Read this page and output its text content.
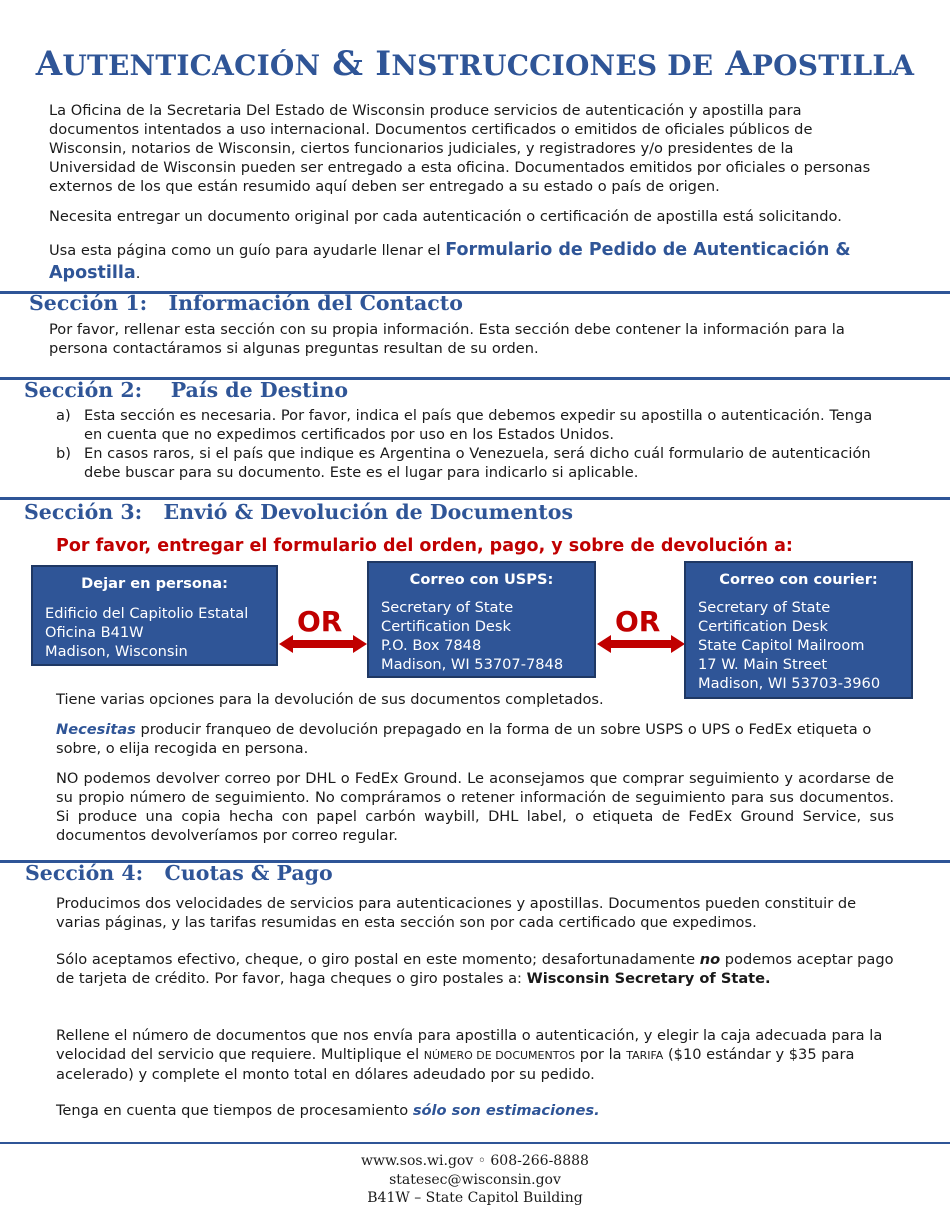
AUTENTICACIÓN & INSTRUCCIONES DE APOSTILLA

La Oficina de la Secretaria Del Estado de Wisconsin produce servicios de autenticación y apostilla para documentos intentados a uso internacional. Documentos certificados o emitidos de oficiales públicos de Wisconsin, notarios de Wisconsin, ciertos funcionarios judiciales, y registradores y/o presidentes de la Universidad de Wisconsin pueden ser entregado a esta oficina. Documentados emitidos por oficiales o personas externos de los que están resumido aquí deben ser entregado a su estado o país de origen.

Necesita entregar un documento original por cada autenticación o certificación de apostilla está solicitando.

Usa esta página como un guío para ayudarle llenar el Formulario de Pedido de Autenticación & Apostilla.

Sección 1:   Información del Contacto

Por favor, rellenar esta sección con su propia información. Esta sección debe contener la información para la persona contactáramos si algunas preguntas resultan de su orden.

Sección 2:    País de Destino
a) Esta sección es necesaria. Por favor, indica el país que debemos expedir su apostilla o autenticación. Tenga en cuenta que no expedimos certificados por uso en los Estados Unidos.
b) En casos raros, si el país que indique es Argentina o Venezuela, será dicho cuál formulario de autenticación debe buscar para su documento. Este es el lugar para indicarlo si aplicable.
Sección 3:   Envió & Devolución de Documentos
Por favor, entregar el formulario del orden, pago, y sobre de devolución a:
Dejar en persona:
Edificio del Capitolio Estatal
Oficina B41W
Madison, Wisconsin
OR
Correo con USPS:
Secretary of State
Certification Desk
P.O. Box 7848
Madison, WI 53707-7848
OR
Correo con courier:
Secretary of State
Certification Desk
State Capitol Mailroom
17 W. Main Street
Madison, WI 53703-3960

Tiene varias opciones para la devolución de sus documentos completados.

Necesitas producir franqueo de devolución prepagado en la forma de un sobre USPS o UPS o FedEx etiqueta o sobre, o elija recogida en persona.

NO podemos devolver correo por DHL o FedEx Ground. Le aconsejamos que comprar seguimiento y acordarse de su propio número de seguimiento. No compráramos o retener información de seguimiento para sus documentos. Si produce una copia hecha con papel carbón waybill, DHL label, o etiqueta de FedEx Ground Service, sus documentos devolveríamos por correo regular.

Sección 4:   Cuotas & Pago

Producimos dos velocidades de servicios para autenticaciones y apostillas. Documentos pueden constituir de varias páginas, y las tarifas resumidas en esta sección son por cada certificado que expedimos.

Sólo aceptamos efectivo, cheque, o giro postal en este momento; desafortunadamente no podemos aceptar pago de tarjeta de crédito. Por favor, haga cheques o giro postales a: Wisconsin Secretary of State.

Rellene el número de documentos que nos envía para apostilla o autenticación, y elegir la caja adecuada para la velocidad del servicio que requiere. Multiplique el NÚMERO DE DOCUMENTOS por la TARIFA ($10 estándar y $35 para acelerado) y complete el monto total en dólares adeudado por su pedido.

Tenga en cuenta que tiempos de procesamiento sólo son estimaciones.

www.sos.wi.gov ◦ 608-266-8888
statesec@wisconsin.gov
B41W – State Capitol Building
